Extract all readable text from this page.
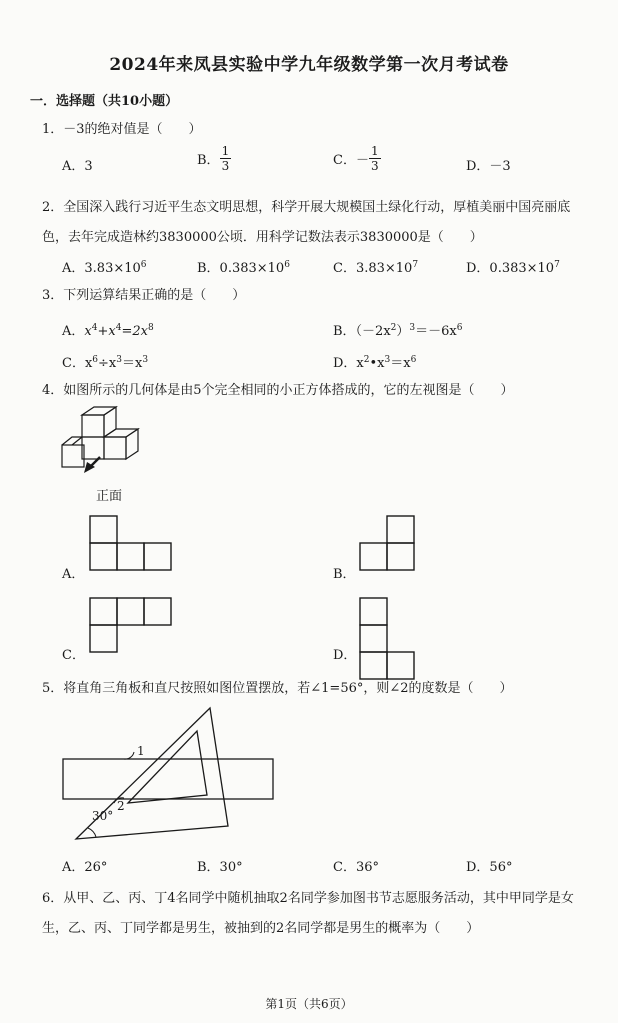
2024年来凤县实验中学九年级数学第一次月考试卷
一．选择题（共10小题）
1．－3的绝对值是（　　）
A．3	B． $\frac{1}{3}$	C．－ $\frac{1}{3}$	D．－3
2．全国深入践行习近平生态文明思想，科学开展大规模国土绿化行动，厚植美丽中国亮丽底色，去年完成造林约3830000公顷．用科学记数法表示3830000是（　　）
A．$3.83\times 10^6$	B．$0.383\times 10^6$	C．$3.83\times 10^7$	D．$0.383\times 10^7$
3．下列运算结果正确的是（　　）
A．$x^4+x^4=2x^8$	B．$(-2x^2)^3=-6x^6$
C．$x^6\div x^3=x^3$	D．$x^2•x^3=x^6$
4．如图所示的几何体是由5个完全相同的小正方体搭成的，它的左视图是（　　）
正面
A．	B．
C．	D．
5．将直角三角板和直尺按照如图位置摆放，若∠1=56°，则∠2的度数是（　　）
1
2
30°
A．26°	B．30°	C．36°	D．56°
6．从甲、乙、丙、丁4名同学中随机抽取2名同学参加图书节志愿服务活动，其中甲同学是女生，乙、丙、丁同学都是男生，被抽到的2名同学都是男生的概率为（　　）
第1页（共6页）
